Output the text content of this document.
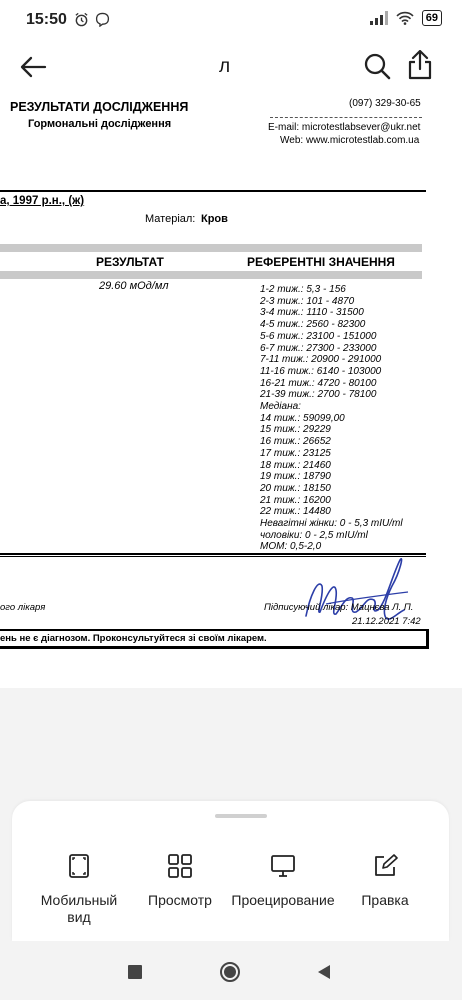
15:50	69
л
РЕЗУЛЬТАТИ ДОСЛІДЖЕННЯ
Гормональні дослідження
(097) 329-30-65
E-mail: microtestlabsever@ukr.net
Web: www.microtestlab.com.ua
а, 1997 р.н., (ж)
Матеріал: Кров
РЕЗУЛЬТАТ	РЕФЕРЕНТНІ ЗНАЧЕННЯ
29.60 мОд/мл	1-2 тиж.: 5,3 - 156
2-3 тиж.: 101 - 4870
3-4 тиж.: 1110 - 31500
4-5 тиж.: 2560 - 82300
5-6 тиж.: 23100 - 151000
6-7 тиж.: 27300 - 233000
7-11 тиж.: 20900 - 291000
11-16 тиж.: 6140 - 103000
16-21 тиж.: 4720 - 80100
21-39 тиж.: 2700 - 78100
Медіана:
14 тиж.: 59099,00
15 тиж.: 29229
16 тиж.: 26652
17 тиж.: 23125
18 тиж.: 21460
19 тиж.: 18790
20 тиж.: 18150
21 тиж.: 16200
22 тиж.: 14480
Невагітні жінки: 0 - 5,3 mIU/ml
чоловіки: 0 - 2,5 mIU/ml
МОМ: 0,5-2,0
ого лікаря	Підписуючий лікар: Мацнєва Л. П.
21.12.2021 7:42
ень не є діагнозом. Проконсультуйтеся зі своїм лікарем.
Мобильный
вид
Просмотр	Проецирование	Правка
